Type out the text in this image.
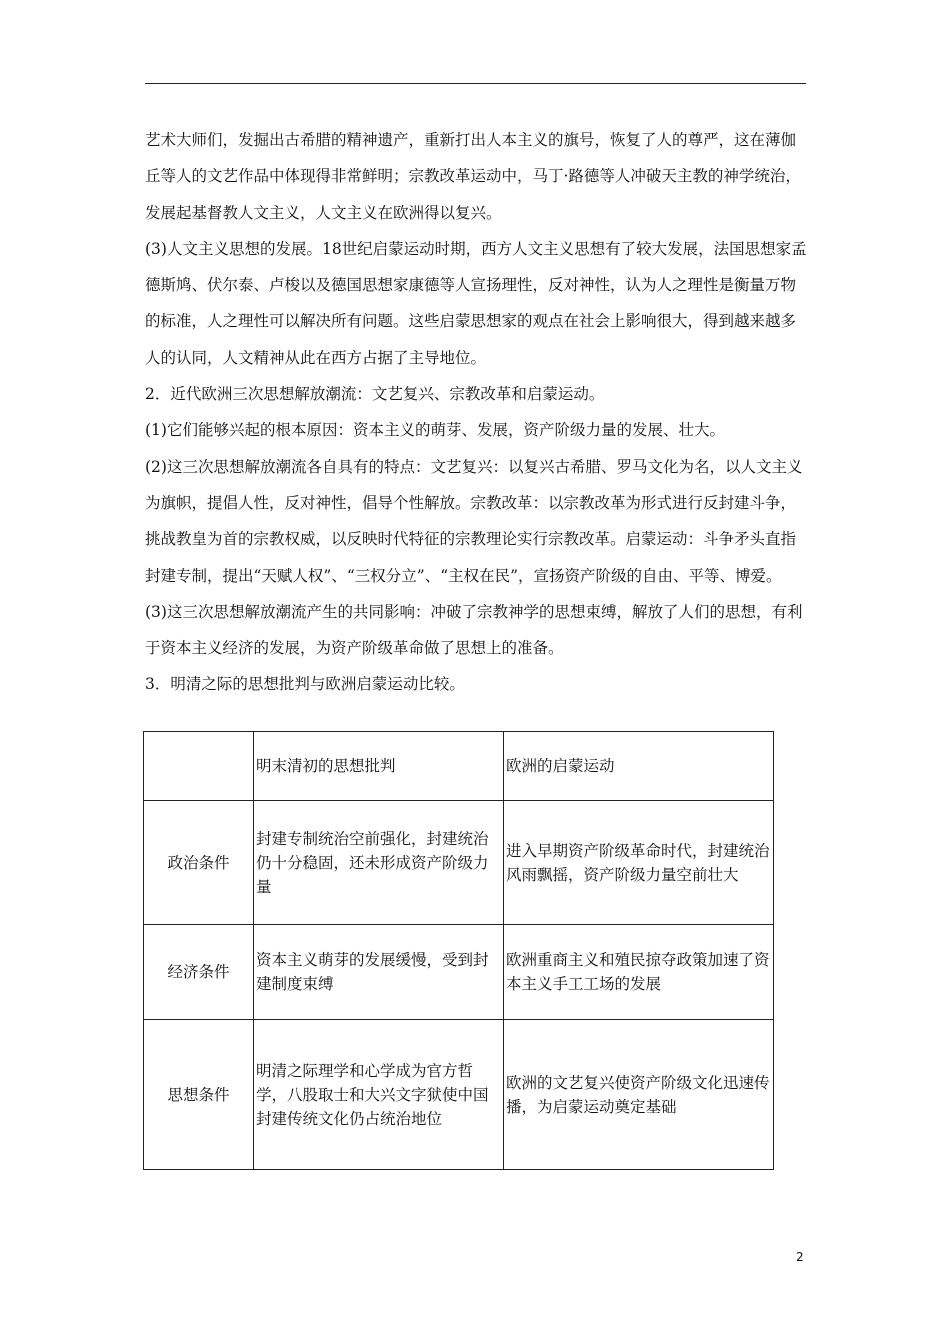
艺术大师们，发掘出古希腊的精神遗产，重新打出人本主义的旗号，恢复了人的尊严，这在薄伽丘等人的文艺作品中体现得非常鲜明；宗教改革运动中，马丁·路德等人冲破天主教的神学统治，发展起基督教人文主义，人文主义在欧洲得以复兴。

(3)人文主义思想的发展。18世纪启蒙运动时期，西方人文主义思想有了较大发展，法国思想家孟德斯鸠、伏尔泰、卢梭以及德国思想家康德等人宣扬理性，反对神性，认为人之理性是衡量万物的标准，人之理性可以解决所有问题。这些启蒙思想家的观点在社会上影响很大，得到越来越多人的认同，人文精神从此在西方占据了主导地位。

2．近代欧洲三次思想解放潮流：文艺复兴、宗教改革和启蒙运动。

(1)它们能够兴起的根本原因：资本主义的萌芽、发展，资产阶级力量的发展、壮大。

(2)这三次思想解放潮流各自具有的特点：文艺复兴：以复兴古希腊、罗马文化为名，以人文主义为旗帜，提倡人性，反对神性，倡导个性解放。宗教改革：以宗教改革为形式进行反封建斗争，挑战教皇为首的宗教权威，以反映时代特征的宗教理论实行宗教改革。启蒙运动：斗争矛头直指封建专制，提出“天赋人权”、“三权分立”、“主权在民”，宣扬资产阶级的自由、平等、博爱。

(3)这三次思想解放潮流产生的共同影响：冲破了宗教神学的思想束缚，解放了人们的思想，有利于资本主义经济的发展，为资产阶级革命做了思想上的准备。

3．明清之际的思想批判与欧洲启蒙运动比较。

	明末清初的思想批判	欧洲的启蒙运动
政治条件	封建专制统治空前强化，封建统治仍十分稳固，还未形成资产阶级力量	进入早期资产阶级革命时代，封建统治风雨飘摇，资产阶级力量空前壮大
经济条件	资本主义萌芽的发展缓慢，受到封建制度束缚	欧洲重商主义和殖民掠夺政策加速了资本主义手工工场的发展
思想条件	明清之际理学和心学成为官方哲学，八股取士和大兴文字狱使中国封建传统文化仍占统治地位	欧洲的文艺复兴使资产阶级文化迅速传播，为启蒙运动奠定基础
2
